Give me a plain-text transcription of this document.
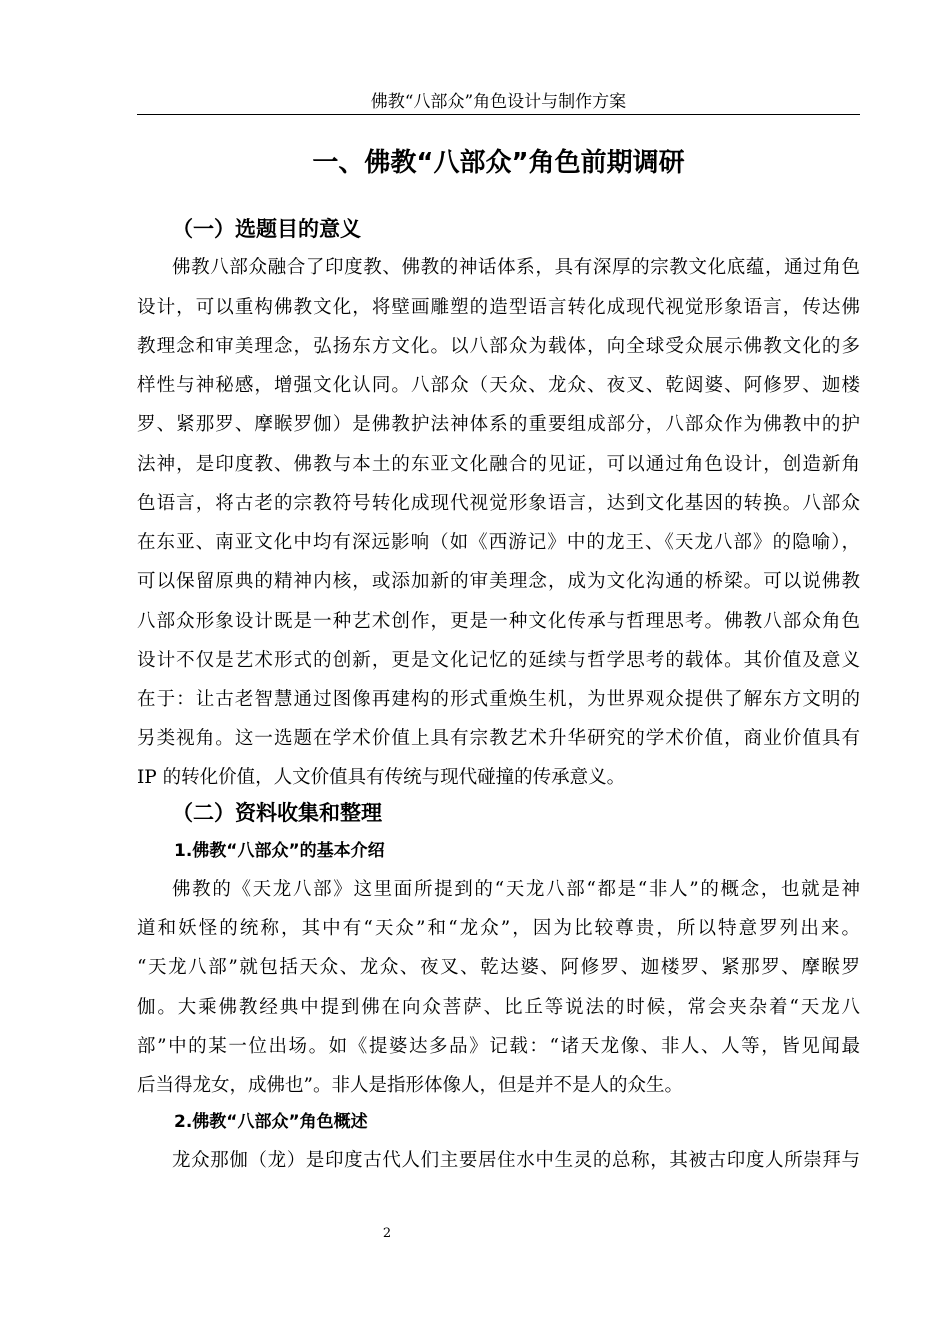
佛教“八部众”角色设计与制作方案
一、佛教“八部众”角色前期调研
（一）选题目的意义
佛教八部众融合了印度教、佛教的神话体系，具有深厚的宗教文化底蕴，通过角色
设计，可以重构佛教文化，将壁画雕塑的造型语言转化成现代视觉形象语言，传达佛
教理念和审美理念，弘扬东方文化。以八部众为载体，向全球受众展示佛教文化的多
样性与神秘感，增强文化认同。八部众（天众、龙众、夜叉、乾闼婆、阿修罗、迦楼
罗、紧那罗、摩睺罗伽）是佛教护法神体系的重要组成部分，八部众作为佛教中的护
法神，是印度教、佛教与本土的东亚文化融合的见证，可以通过角色设计，创造新角
色语言，将古老的宗教符号转化成现代视觉形象语言，达到文化基因的转换。八部众
在东亚、南亚文化中均有深远影响（如《西游记》中的龙王、《天龙八部》的隐喻），
可以保留原典的精神内核，或添加新的审美理念，成为文化沟通的桥梁。可以说佛教
八部众形象设计既是一种艺术创作，更是一种文化传承与哲理思考。佛教八部众角色
设计不仅是艺术形式的创新，更是文化记忆的延续与哲学思考的载体。其价值及意义
在于：让古老智慧通过图像再建构的形式重焕生机，为世界观众提供了解东方文明的
另类视角。这一选题在学术价值上具有宗教艺术升华研究的学术价值，商业价值具有
IP 的转化价值，人文价值具有传统与现代碰撞的传承意义。
（二）资料收集和整理
1.佛教“八部众”的基本介绍
佛教的《天龙八部》这里面所提到的“天龙八部“都是“非人”的概念，也就是神
道和妖怪的统称，其中有“天众”和“龙众”，因为比较尊贵，所以特意罗列出来。
“天龙八部”就包括天众、龙众、夜叉、乾达婆、阿修罗、迦楼罗、紧那罗、摩睺罗
伽。大乘佛教经典中提到佛在向众菩萨、比丘等说法的时候，常会夹杂着“天龙八
部”中的某一位出场。如《提婆达多品》记载：“诸天龙像、非人、人等，皆见闻最
后当得龙女，成佛也”。非人是指形体像人，但是并不是人的众生。
2.佛教“八部众”角色概述
龙众那伽（龙）是印度古代人们主要居住水中生灵的总称，其被古印度人所崇拜与
2
